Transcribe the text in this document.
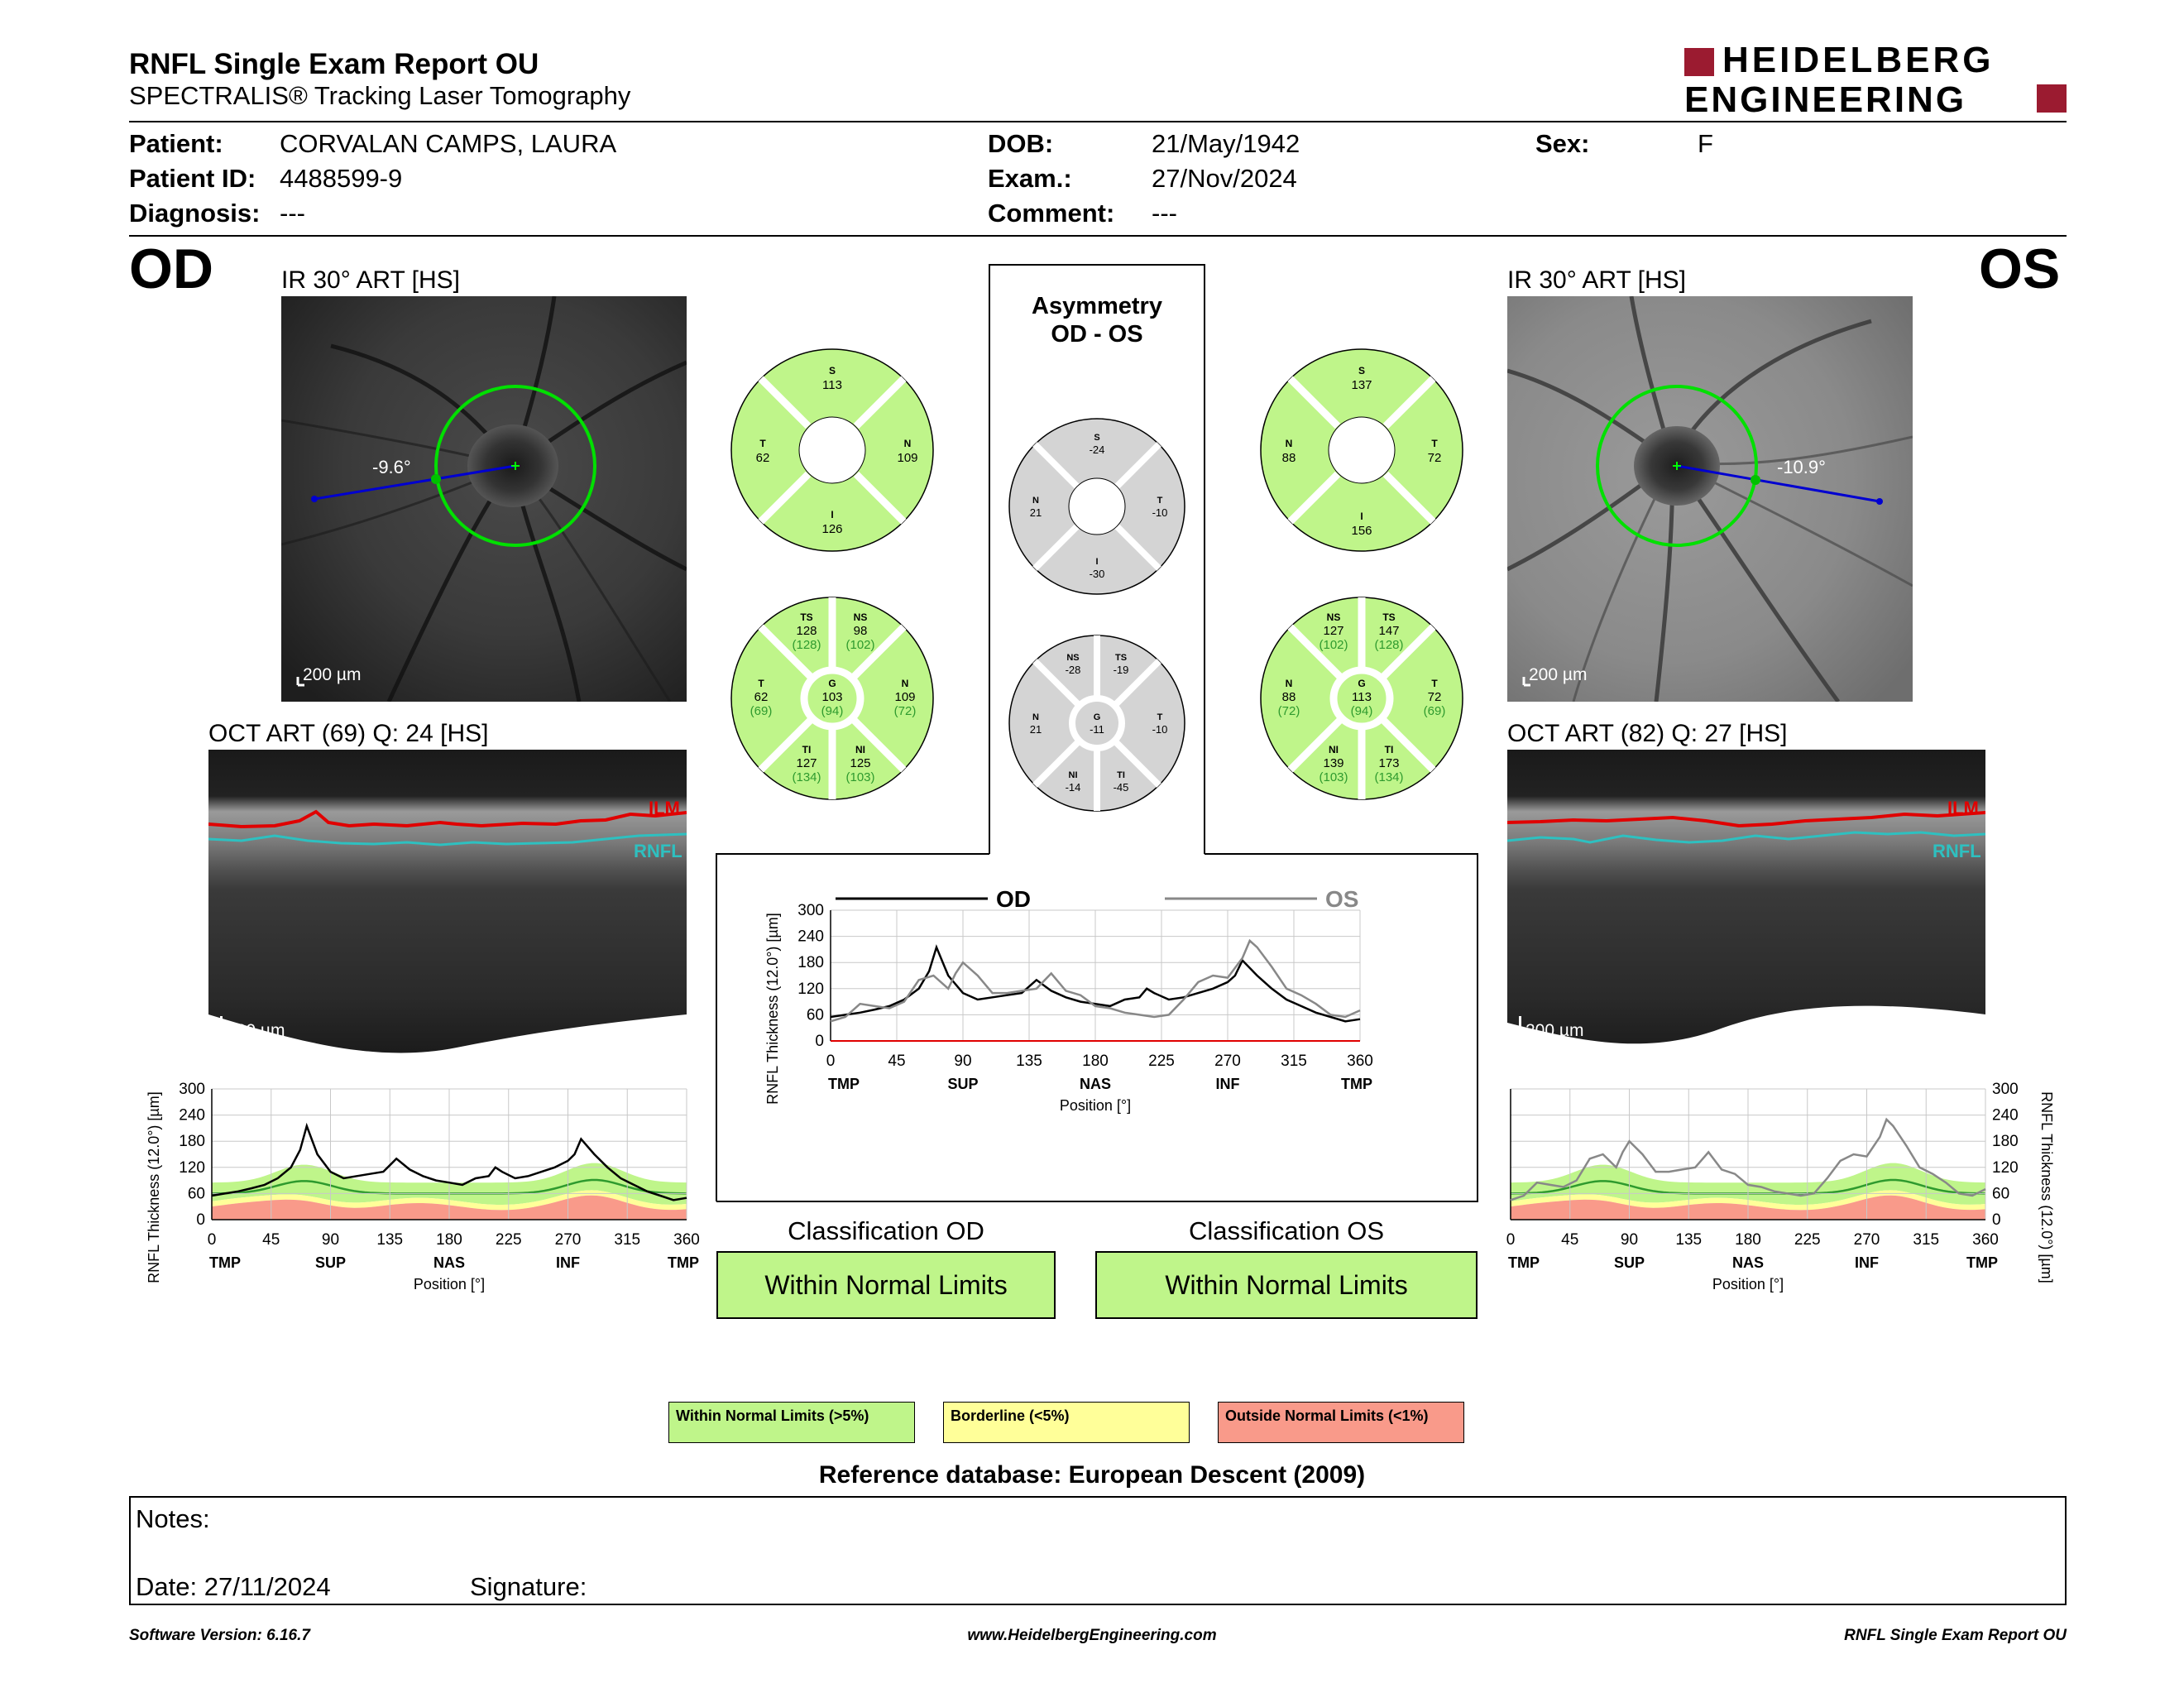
RNFL Single Exam Report OU
SPECTRALIS® Tracking Laser Tomography
HEIDELBERG
ENGINEERING
Patient: CORVALAN CAMPS, LAURA
Patient ID: 4488599-9
Diagnosis: ---
DOB:	21/May/1942
Exam.:	27/Nov/2024
Comment: ---
Sex:	F
OD	OS
IR 30° ART [HS]
-9.6°
200 µm
IR 30° ART [HS]
-10.9°
200 µm
OCT ART (69) Q: 24 [HS]
ILM
RNFL
200 µm
OCT ART (82) Q: 27 [HS]
ILM
RNFL
200 µm
Asymmetry
OD - OS
S
113
T
62
N
109
I
126
S
137
N
88
T
72
I
156
S
-24
N
21
T
-10
I
-30
TS
128
(128)
NS
98
(102)
T
62
(69)
G
103
(94)
N
109
(72)
TI
127
(134)
NI
125
(103)
NS
127
(102)
TS
147
(128)
N
88
(72)
G
113
(94)
T
72
(69)
NI
139
(103)
TI
173
(134)
NS
-28
TS
-19
N
21
G
-11
T
-10
NI
-14
TI
-45
0
60
120
180
240
300
0	45	90	135	180	225	270	315	360
TMP	SUP	NAS	INF	TMP
Position [°]
RNFL Thickness (12.0°) [µm]
OD	OS
0
60
120
180
240
300
0	45	90 135 180 225 270 315 360
TMP	SUP	NAS	INF	TMP
Position [°]
RNFL Thickness (12.0°) [µm]	0
60
120
180
240
300
0	45	90 135 180 225 270 315 360
TMP	SUP	NAS	INF	TMP
Position [°]
RNFL Thickness (12.0°) [µm]
Classification OD
Within Normal Limits
Classification OS
Within Normal Limits
Within Normal Limits (>5%)	Borderline (<5%)	Outside Normal Limits (<1%)
Reference database: European Descent (2009)
Notes:
Date: 27/11/2024	Signature:
Software Version: 6.16.7	www.HeidelbergEngineering.com	RNFL Single Exam Report OU
